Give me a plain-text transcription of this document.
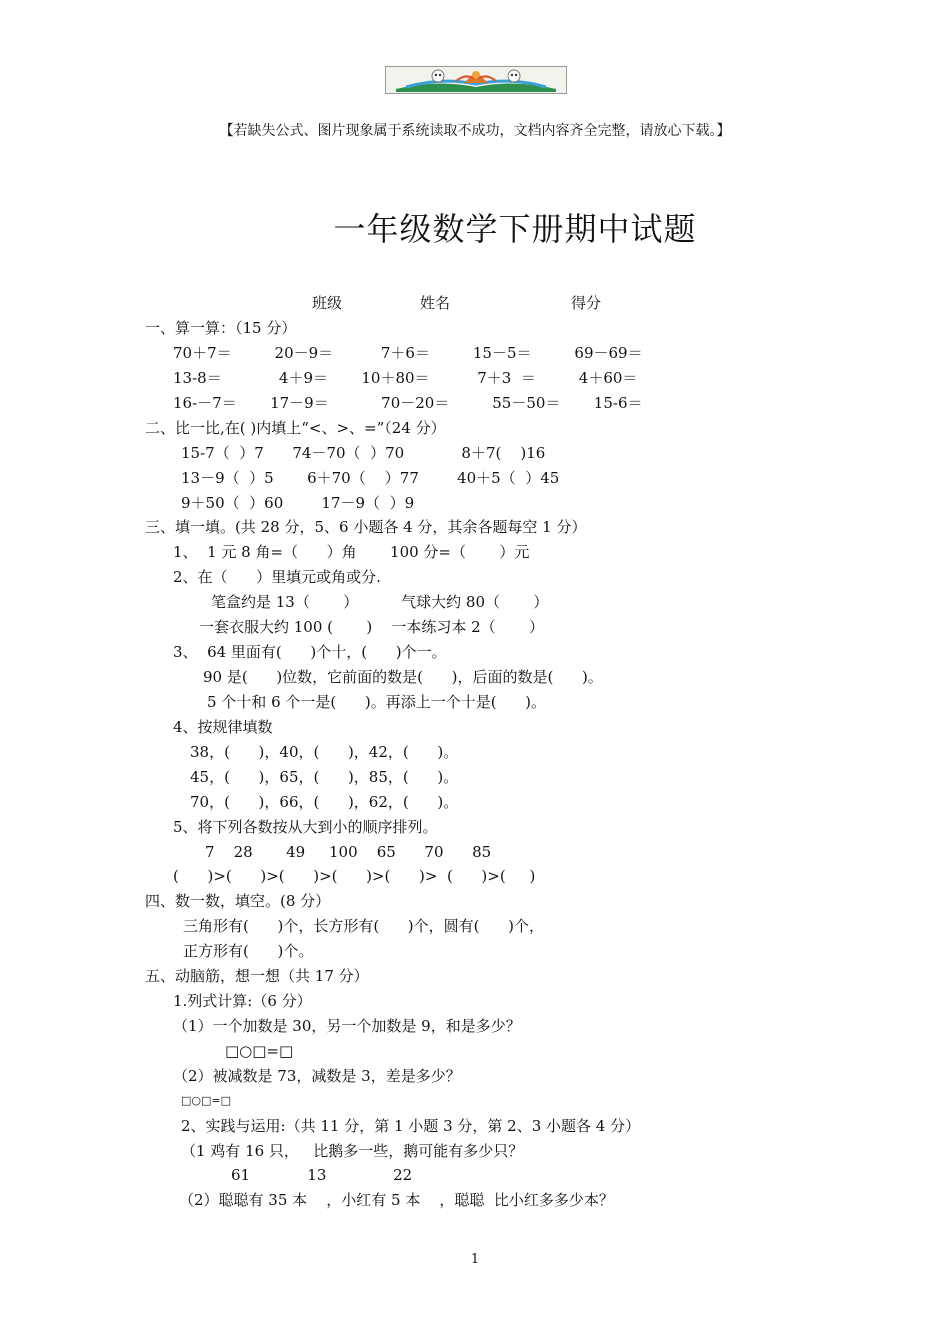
【若缺失公式、图片现象属于系统读取不成功，文档内容齐全完整，请放心下载。】
一年级数学下册期中试题
班级	姓名	得分
一、算一算：（15 分）
70＋7＝         20－9＝          7＋6＝         15－5＝         69－69＝
13-8＝            4＋9＝       10＋80＝          7＋3  ＝         4＋60＝
16-－7＝       17－9＝           70－20＝         55－50＝       15-6＝
二、比一比,在( )内填上“<、>、=”（24 分）
15-7（  ）7      74－70（  ）70            8＋7(    )16
13－9（  ）5       6＋70（    ）77        40＋5（  ）45
9＋50（  ）60        17－9（  ）9
三、填一填。(共 28 分，5、6 小题各 4 分，其余各题每空 1 分）
1、  1 元 8 角=（      ）角       100 分=（       ）元
2、在（      ）里填元或角或分.
笔盒约是 13（       ）         气球大约 80（       ）
一套衣服大约 100 (       )    一本练习本 2（       ）
3、  64 里面有(      )个十，(      )个一。
90 是(      )位数，它前面的数是(      )，后面的数是(      )。
5 个十和 6 个一是(      )。再添上一个十是(      )。
4、按规律填数
38，(      )，40，(      )，42，(      )。
45，(      )，65，(      )，85，(      )。
70，(      )，66，(      )，62，(      )。
5、将下列各数按从大到小的顺序排列。
7    28       49     100    65      70      85
(      )>(      )>(      )>(      )>(      )>  (      )>(     )
四、数一数，填空。(8 分）
三角形有(      )个，长方形有(      )个，圆有(      )个，
正方形有(      )个。
五、动脑筋，想一想（共 17 分）
1.列式计算:（6 分）
（1）一个加数是 30，另一个加数是 9，和是多少？
□○□=□
（2）被减数是 73，减数是 3，差是多少？
□○□=□
2、实践与运用:（共 11 分，第 1 小题 3 分，第 2、3 小题各 4 分）
（1 鸡有 16 只，   比鹅多一些，鹅可能有多少只？
61            13              22
（2）聪聪有 35 本    ，小红有 5 本    ，聪聪  比小红多多少本？
1
